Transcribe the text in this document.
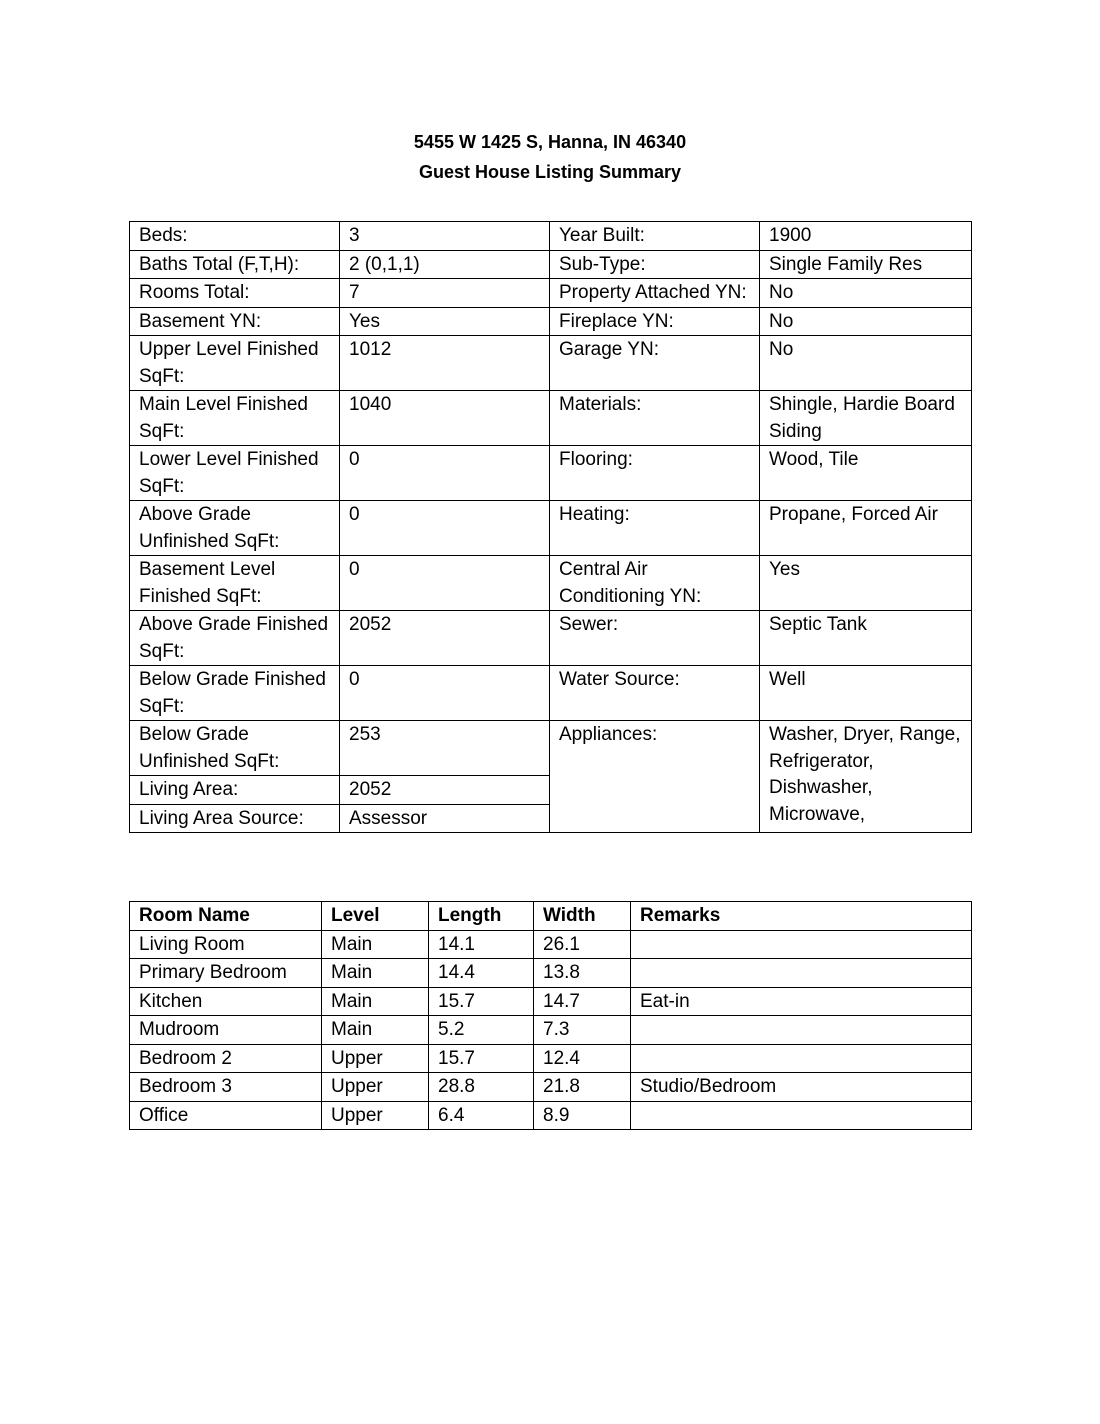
5455 W 1425 S, Hanna, IN 46340
Guest House Listing Summary
Beds:	3	Year Built:	1900
Baths Total (F,T,H):	2 (0,1,1)	Sub-Type:	Single Family Res
Rooms Total:	7	Property Attached YN:	No
Basement YN:	Yes	Fireplace YN:	No
Upper Level Finished SqFt:	1012	Garage YN:	No
Main Level Finished SqFt:	1040	Materials:	Shingle, Hardie Board Siding
Lower Level Finished SqFt:	0	Flooring:	Wood, Tile
Above Grade Unfinished SqFt:	0	Heating:	Propane, Forced Air
Basement Level Finished SqFt:	0	Central Air Conditioning YN:	Yes
Above Grade Finished SqFt:	2052	Sewer:	Septic Tank
Below Grade Finished SqFt:	0	Water Source:	Well
Below Grade Unfinished SqFt:	253	Appliances:	Washer, Dryer, Range, Refrigerator, Dishwasher, Microwave,
Living Area:	2052		
Living Area Source:	Assessor		
Room Name	Level	Length	Width	Remarks
Living Room	Main	14.1	26.1	
Primary Bedroom	Main	14.4	13.8	
Kitchen	Main	15.7	14.7	Eat-in
Mudroom	Main	5.2	7.3	
Bedroom 2	Upper	15.7	12.4	
Bedroom 3	Upper	28.8	21.8	Studio/Bedroom
Office	Upper	6.4	8.9	
